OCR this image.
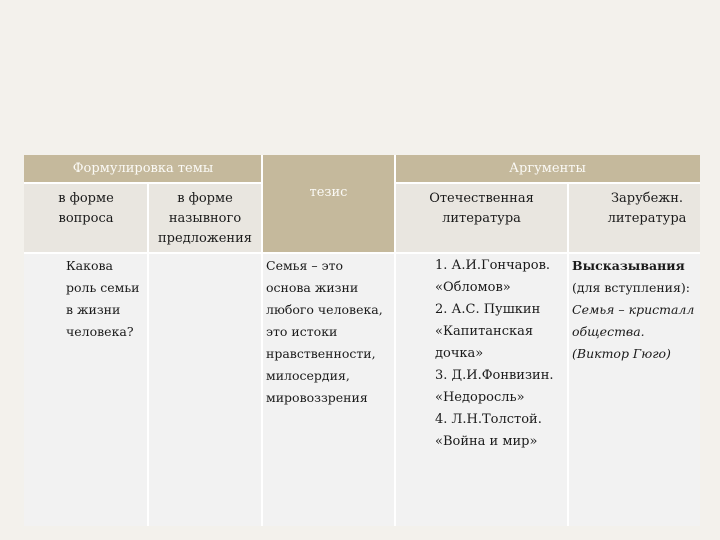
Формулировка темы	Аргументы
тезис
в форме вопроса
в форме назывного предложения
Отечественная литература
Зарубежн. литература
Какова роль семьи в жизни человека?
Семья – это основа жизни любого человека, это истоки нравственности, милосердия, мировоззрения
1. А.И.Гончаров.
«Обломов»
2. А.С. Пушкин
«Капитанская
дочка»
3. Д.И.Фонвизин.
«Недоросль»
4. Л.Н.Толстой.
«Война и мир»
Высказывания
(для вступления):
Семья – кристалл общества.
(Виктор Гюго)
